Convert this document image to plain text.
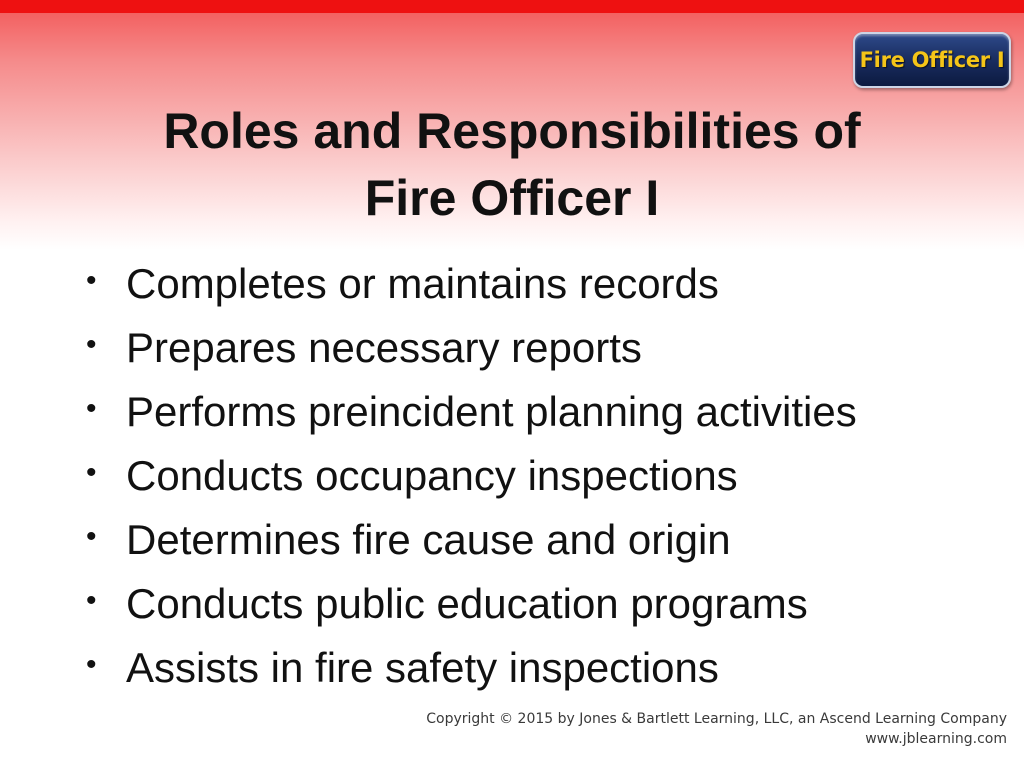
Fire Officer I
Roles and Responsibilities of
Fire Officer I
• Completes or maintains records
• Prepares necessary reports
• Performs preincident planning activities
• Conducts occupancy inspections
• Determines fire cause and origin
• Conducts public education programs
• Assists in fire safety inspections
Copyright © 2015 by Jones & Bartlett Learning, LLC, an Ascend Learning Company
www.jblearning.com
